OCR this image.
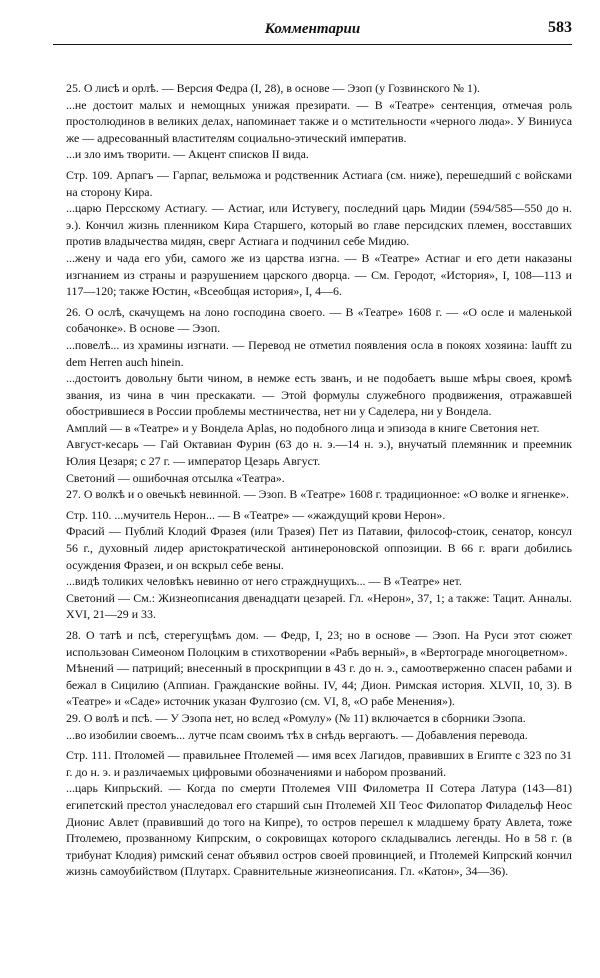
Комментарии	583

25. О лисѣ и орлѣ. — Версия Федра (I, 28), в основе — Эзоп (у Гозвинского № 1).

...не достоит малых и немощных унижая презирати. — В «Театре» сентенция, отмечая роль простолюдинов в великих делах, напоминает также и о мстительности «черного люда». У Виниуса же — адресованный властителям социально-этический императив.

...и зло имъ творити. — Акцент списков II вида.

Стр. 109. Арпагъ — Гарпаг, вельможа и родственник Астиага (см. ниже), перешедший с войсками на сторону Кира.

...царю Персскому Астиагу. — Астиаг, или Истувегу, последний царь Мидии (594/585—550 до н. э.). Кончил жизнь пленником Кира Старшего, который во главе персидских племен, восставших против владычества мидян, сверг Астиага и подчинил себе Мидию.

...жену и чада его уби, самого же из царства изгна. — В «Театре» Астиаг и его дети наказаны изгнанием из страны и разрушением царского дворца. — См. Геродот, «История», I, 108—113 и 117—120; также Юстин, «Всеобщая история», I, 4—6.

26. О ослѣ, скачущемъ на лоно господина своего. — В «Театре» 1608 г. — «О осле и маленькой собачонке». В основе — Эзоп.

...повелѣ... из храмины изгнати. — Перевод не отметил появления осла в покоях хозяина: laufft zu dem Herren auch hinein.

...достоитъ довольну быти чином, в немже есть званъ, и не подобаетъ выше мѣры своея, кромѣ звания, из чина в чин прескакати. — Этой формулы служебного продвижения, отражавшей обострившиеся в России проблемы местничества, нет ни у Саделера, ни у Вондела.

Амплий — в «Театре» и у Вондела Aplas, но подобного лица и эпизода в книге Светония нет.

Август-кесарь — Гай Октавиан Фурин (63 до н. э.—14 н. э.), внучатый племянник и преемник Юлия Цезаря; с 27 г. — император Цезарь Август.

Светоний — ошибочная отсылка «Театра».

27. О волкѣ и о овечькѣ невинной. — Эзоп. В «Театре» 1608 г. традиционное: «О волке и ягненке».

Стр. 110. ...мучитель Нерон... — В «Театре» — «жаждущий крови Нерон».

Фрасий — Публий Клодий Фразея (или Тразея) Пет из Патавии, философ-стоик, сенатор, консул 56 г., духовный лидер аристократической антинероновской оппозиции. В 66 г. враги добились осуждения Фразеи, и он вскрыл себе вены.

...видѣ толиких человѣкъ невинно от него стражднущихъ... — В «Театре» нет.

Светоний — См.: Жизнеописания двенадцати цезарей. Гл. «Нерон», 37, 1; а также: Тацит. Анналы. XVI, 21—29 и 33.

28. О татѣ и псѣ, стерегущѣмъ дом. — Федр, I, 23; но в основе — Эзоп. На Руси этот сюжет использован Симеоном Полоцким в стихотворении «Рабъ верный», в «Вертограде многоцветном».

Мѣнений — патриций; внесенный в проскрипции в 43 г. до н. э., самоотверженно спасен рабами и бежал в Сицилию (Аппиан. Гражданские войны. IV, 44; Дион. Римская история. XLVII, 10, 3). В «Театре» и «Саде» источник указан Фулгозио (см. VI, 8, «О рабе Менения»).

29. О волѣ и псѣ. — У Эзопа нет, но вслед «Ромулу» (№ 11) включается в сборники Эзопа.

...во изобилии своемъ... лутче псам своимъ тѣх в снѣдь вергаютъ. — Добавления перевода.

Стр. 111. Птоломей — правильнее Птолемей — имя всех Лагидов, правивших в Египте с 323 по 31 г. до н. э. и различаемых цифровыми обозначениями и набором прозваний.

...царь Кипрьский. — Когда по смерти Птолемея VIII Филометра II Сотера Латура (143—81) египетский престол унаследовал его старший сын Птолемей XII Теос Филопатор Филадельф Неос Дионис Авлет (правивший до того на Кипре), то остров перешел к младшему брату Авлета, тоже Птолемею, прозванному Кипрским, о сокровищах которого складывались легенды. Но в 58 г. (в трибунат Клодия) римский сенат объявил остров своей провинцией, и Птолемей Кипрский кончил жизнь самоубийством (Плутарх. Сравнительные жизнеописания. Гл. «Катон», 34—36).
